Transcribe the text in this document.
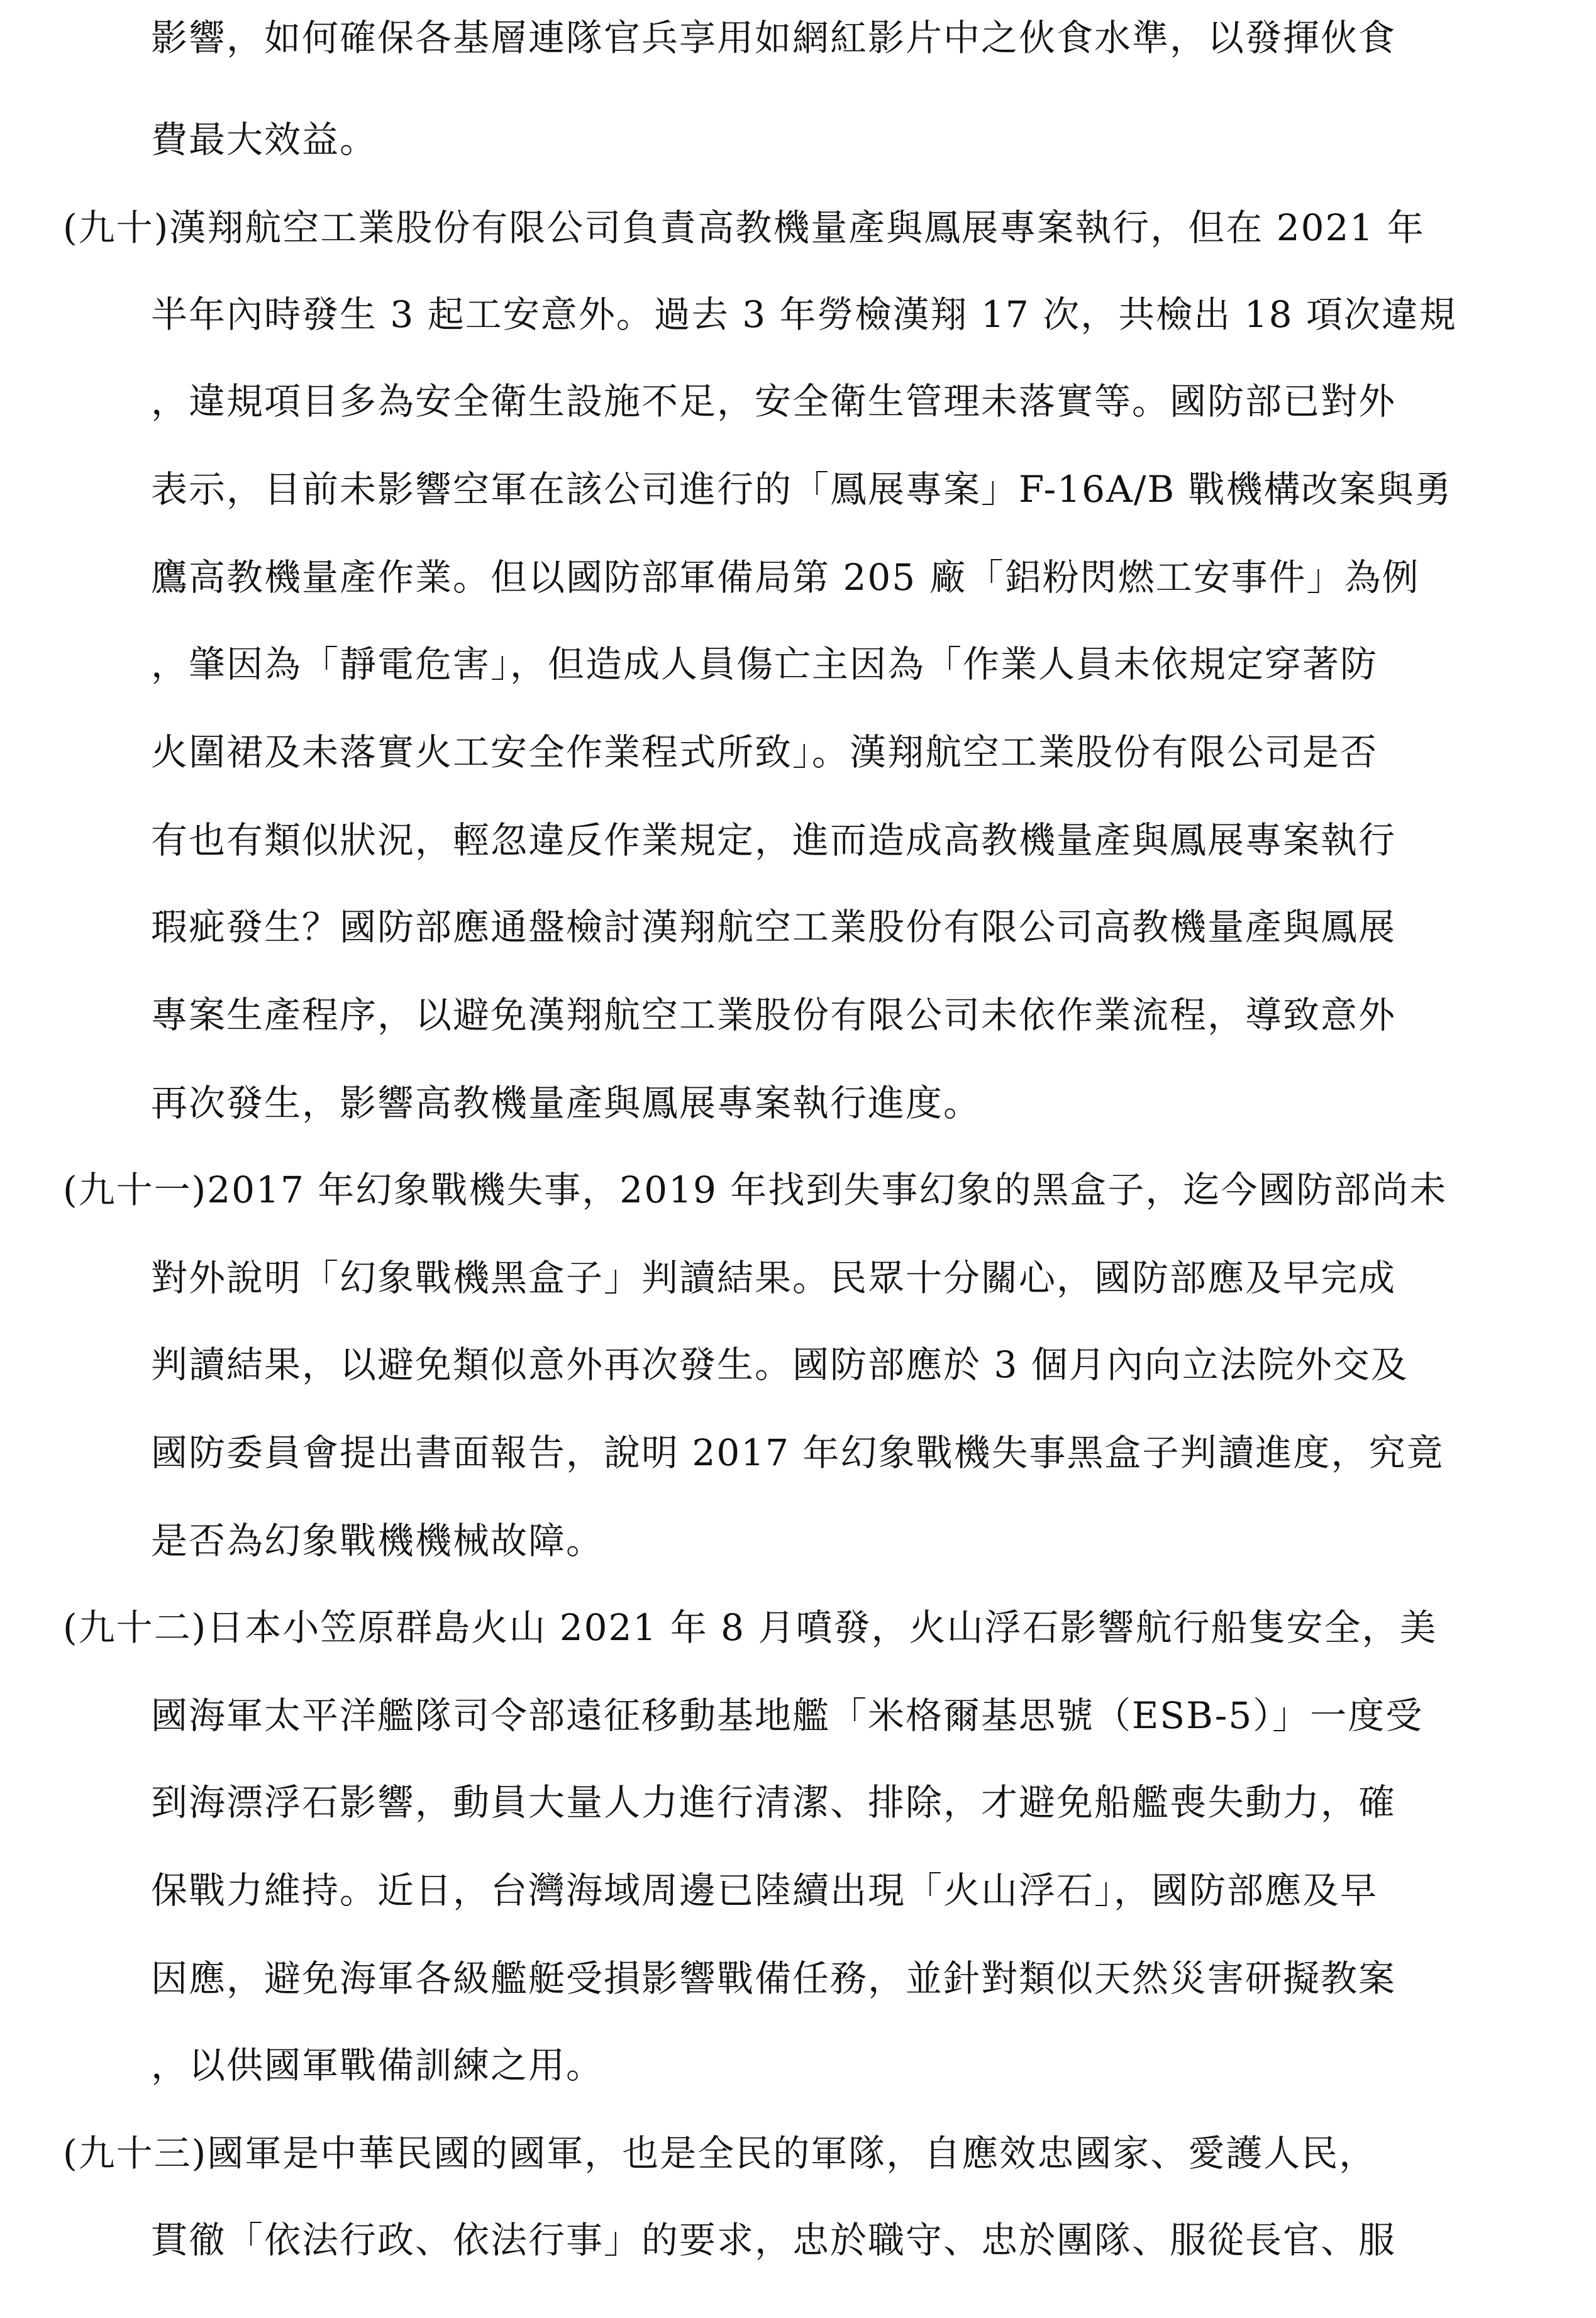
影響，如何確保各基層連隊官兵享用如網紅影片中之伙食水準，以發揮伙食
費最大效益。
(九十)漢翔航空工業股份有限公司負責高教機量產與鳳展專案執行，但在 2021 年
半年內時發生 3 起工安意外。過去 3 年勞檢漢翔 17 次，共檢出 18 項次違規
，違規項目多為安全衛生設施不足，安全衛生管理未落實等。國防部已對外
表示，目前未影響空軍在該公司進行的「鳳展專案」F-16A/B 戰機構改案與勇
鷹高教機量產作業。但以國防部軍備局第 205 廠「鋁粉閃燃工安事件」為例
，肇因為「靜電危害」，但造成人員傷亡主因為「作業人員未依規定穿著防
火圍裙及未落實火工安全作業程式所致」。漢翔航空工業股份有限公司是否
有也有類似狀況，輕忽違反作業規定，進而造成高教機量產與鳳展專案執行
瑕疵發生？國防部應通盤檢討漢翔航空工業股份有限公司高教機量產與鳳展
專案生產程序，以避免漢翔航空工業股份有限公司未依作業流程，導致意外
再次發生，影響高教機量產與鳳展專案執行進度。
(九十一)2017 年幻象戰機失事，2019 年找到失事幻象的黑盒子，迄今國防部尚未
對外說明「幻象戰機黑盒子」判讀結果。民眾十分關心，國防部應及早完成
判讀結果，以避免類似意外再次發生。國防部應於 3 個月內向立法院外交及
國防委員會提出書面報告，說明 2017 年幻象戰機失事黑盒子判讀進度，究竟
是否為幻象戰機機械故障。
(九十二)日本小笠原群島火山 2021 年 8 月噴發，火山浮石影響航行船隻安全，美
國海軍太平洋艦隊司令部遠征移動基地艦「米格爾基思號（ESB-5）」一度受
到海漂浮石影響，動員大量人力進行清潔、排除，才避免船艦喪失動力，確
保戰力維持。近日，台灣海域周邊已陸續出現「火山浮石」，國防部應及早
因應，避免海軍各級艦艇受損影響戰備任務，並針對類似天然災害研擬教案
，以供國軍戰備訓練之用。
(九十三)國軍是中華民國的國軍，也是全民的軍隊，自應效忠國家、愛護人民，
貫徹「依法行政、依法行事」的要求，忠於職守、忠於團隊、服從長官、服
